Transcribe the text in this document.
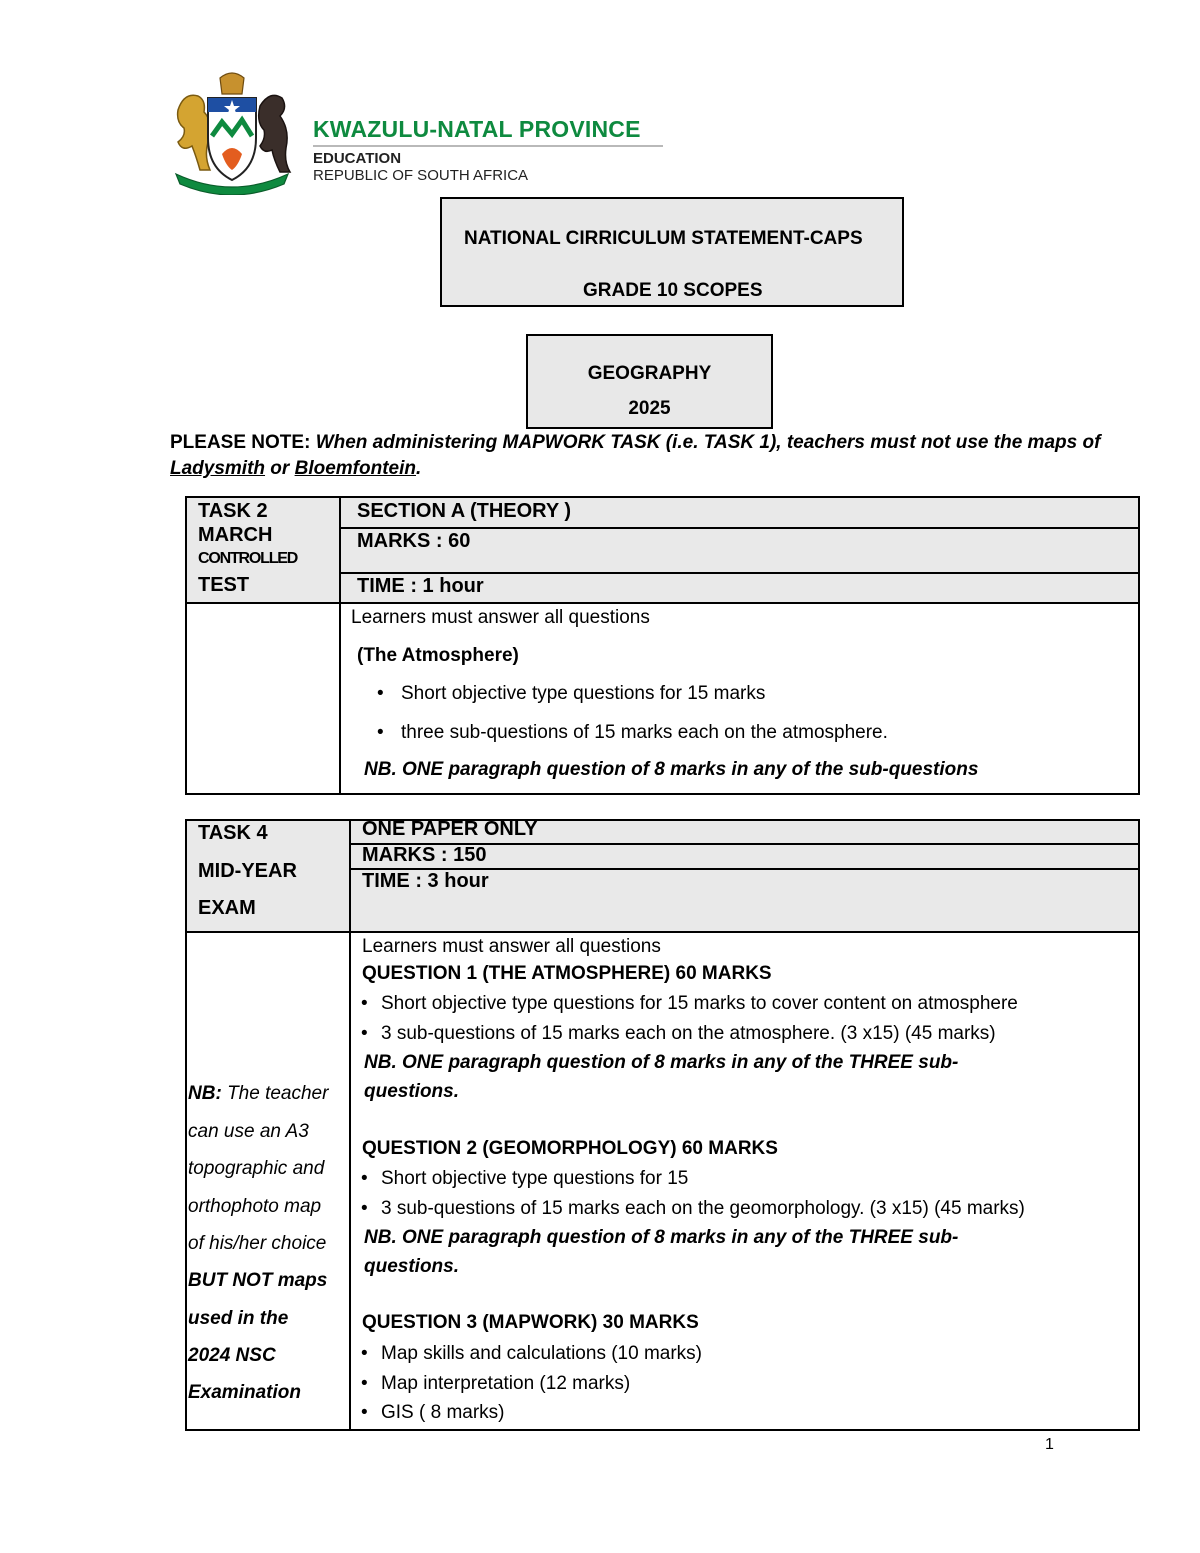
KWAZULU-NATAL PROVINCE
EDUCATION
REPUBLIC OF SOUTH AFRICA
NATIONAL CIRRICULUM STATEMENT-CAPS
GRADE 10 SCOPES
GEOGRAPHY
2025
PLEASE NOTE: When administering MAPWORK TASK (i.e. TASK 1), teachers must not use the maps of Ladysmith or Bloemfontein.
TASK 2
MARCH
CONTROLLED
TEST
SECTION A (THEORY )
MARKS : 60
TIME : 1 hour
Learners must answer all questions
(The Atmosphere)
• Short objective type questions for 15 marks
• three sub-questions of 15 marks each on the atmosphere.
NB. ONE paragraph question of 8 marks in any of the sub-questions
TASK 4
MID-YEAR
EXAM
ONE PAPER ONLY
MARKS : 150
TIME : 3 hour
NB: The teacher
can use an A3
topographic and
orthophoto map
of his/her choice
BUT NOT maps
used in the
2024 NSC
Examination
Learners must answer all questions
QUESTION 1 (THE ATMOSPHERE) 60 MARKS
• Short objective type questions for 15 marks to cover content on atmosphere
• 3 sub-questions of 15 marks each on the atmosphere. (3 x15) (45 marks)
NB. ONE paragraph question of 8 marks in any of the THREE sub-
questions.
QUESTION 2 (GEOMORPHOLOGY) 60 MARKS
• Short objective type questions for 15
• 3 sub-questions of 15 marks each on the geomorphology. (3 x15) (45 marks)
NB. ONE paragraph question of 8 marks in any of the THREE sub-
questions.
QUESTION 3 (MAPWORK) 30 MARKS
• Map skills and calculations (10 marks)
• Map interpretation (12 marks)
• GIS ( 8 marks)
1
